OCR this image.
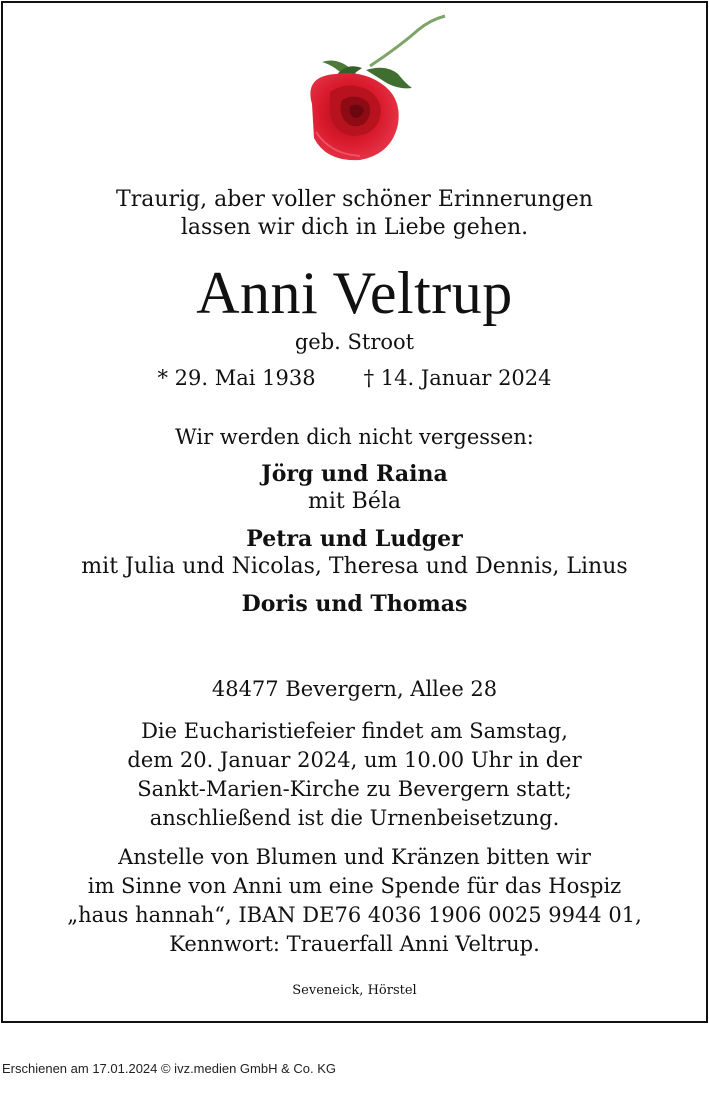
Traurig, aber voller schöner Erinnerungen
lassen wir dich in Liebe gehen.
Anni Veltrup
geb. Stroot
* 29. Mai 1938 † 14. Januar 2024
Wir werden dich nicht vergessen:
Jörg und Raina
mit Béla
Petra und Ludger
mit Julia und Nicolas, Theresa und Dennis, Linus
Doris und Thomas
48477 Bevergern, Allee 28
Die Eucharistiefeier findet am Samstag,
dem 20. Januar 2024, um 10.00 Uhr in der
Sankt-Marien-Kirche zu Bevergern statt;
anschließend ist die Urnenbeisetzung.
Anstelle von Blumen und Kränzen bitten wir
im Sinne von Anni um eine Spende für das Hospiz
„haus hannah“, IBAN DE76 4036 1906 0025 9944 01,
Kennwort: Trauerfall Anni Veltrup.
Seveneick, Hörstel
Erschienen am 17.01.2024 © ivz.medien GmbH & Co. KG
